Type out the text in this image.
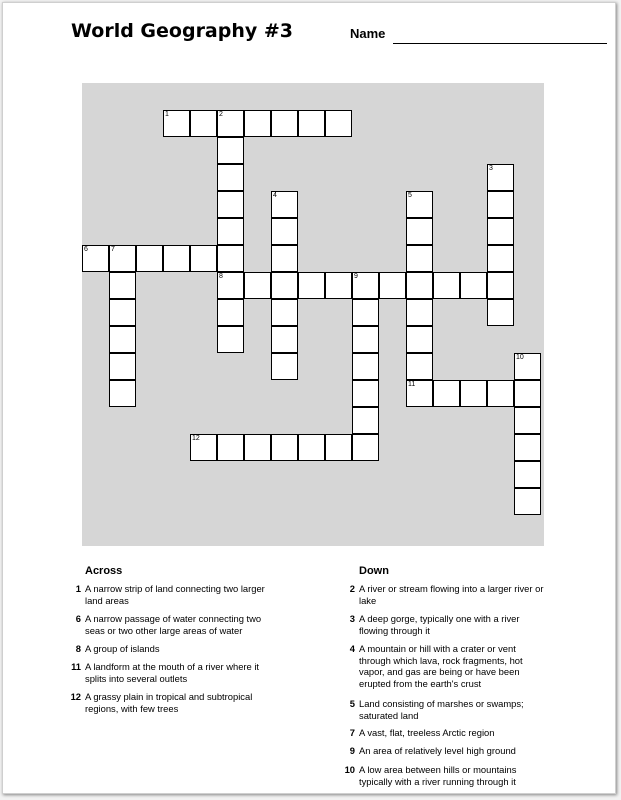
World Geography #3	Name
1	2
8
3
4	5
6	7
9
10
11
12
Across	Down
1 A narrow strip of land connecting two larger
land areas
6 A narrow passage of water connecting two
seas or two other large areas of water
8 A group of islands
11 A landform at the mouth of a river where it
splits into several outlets
12 A grassy plain in tropical and subtropical
regions, with few trees
2 A river or stream flowing into a larger river or
lake
3 A deep gorge, typically one with a river
flowing through it
4 A mountain or hill with a crater or vent
through which lava, rock fragments, hot
vapor, and gas are being or have been
erupted from the earth's crust
5 Land consisting of marshes or swamps;
saturated land
7 A vast, flat, treeless Arctic region
9 An area of relatively level high ground
10 A low area between hills or mountains
typically with a river running through it
